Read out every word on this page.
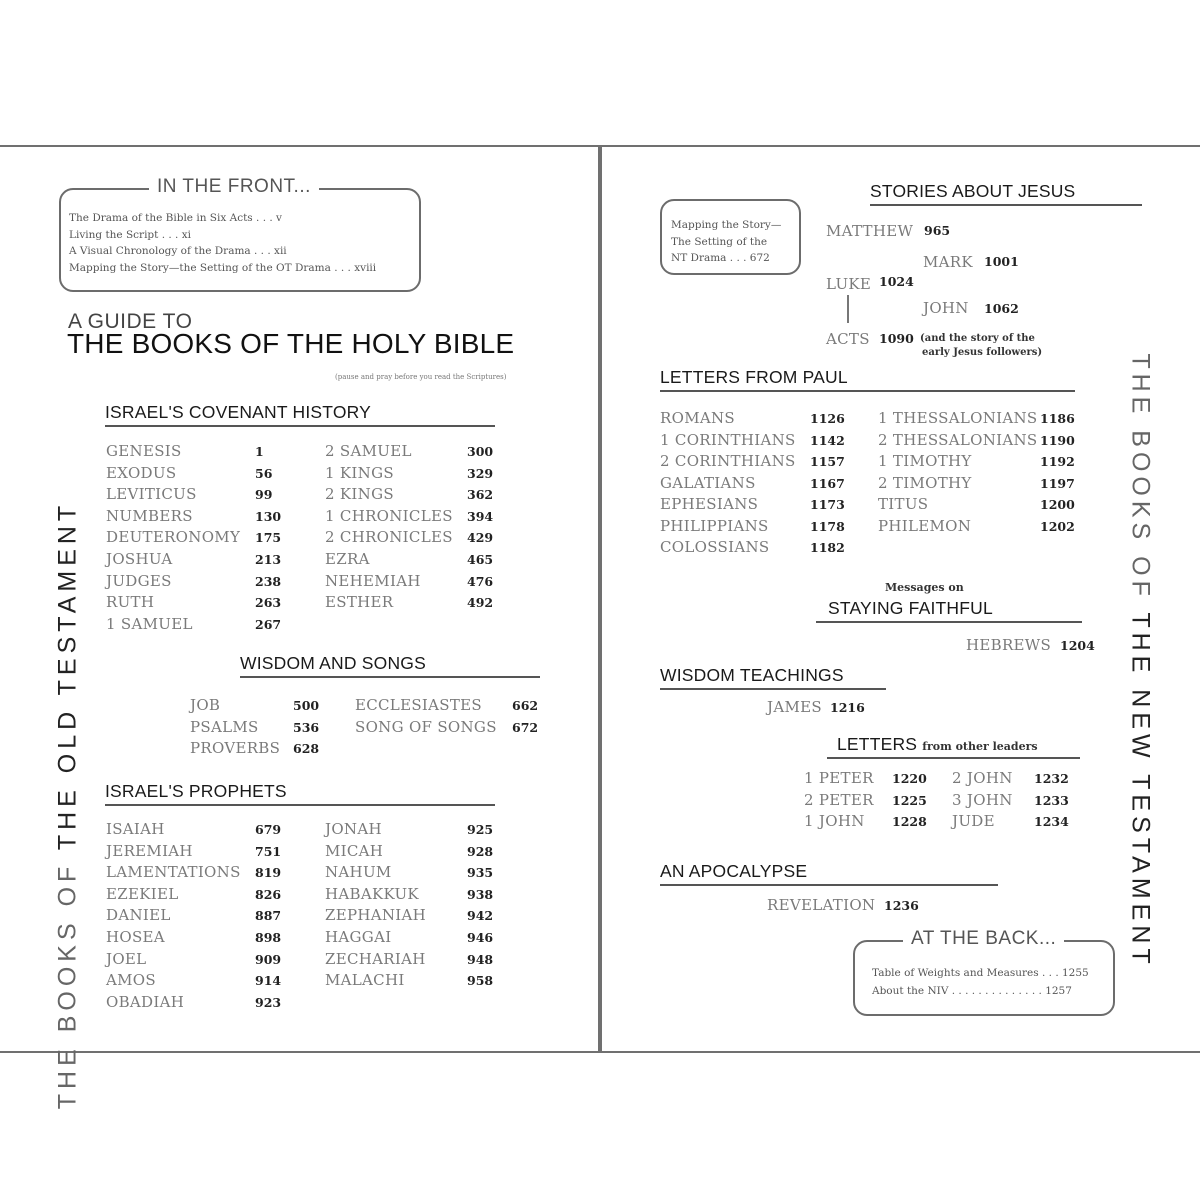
IN THE FRONT...
The Drama of the Bible in Six Acts . . . v
Living the Script . . . xi
A Visual Chronology of the Drama . . . xii
Mapping the Story—the Setting of the OT Drama . . . xviii
A GUIDE TO
THE BOOKS OF THE HOLY BIBLE
(pause and pray before you read the Scriptures)
THE BOOKS OF THE OLD TESTAMENT
ISRAEL'S COVENANT HISTORY
GENESIS	1
EXODUS	56
LEVITICUS	99
NUMBERS	130
DEUTERONOMY 175
JOSHUA	213
JUDGES	238
RUTH	263
1 SAMUEL	267
2 SAMUEL	300
1 KINGS	329
2 KINGS	362
1 CHRONICLES 394
2 CHRONICLES 429
EZRA	465
NEHEMIAH	476
ESTHER	492
WISDOM AND SONGS
JOB	500
PSALMS	536
PROVERBS 628
ECCLESIASTES 662
SONG OF SONGS 672
ISRAEL'S PROPHETS
ISAIAH	679
JEREMIAH	751
LAMENTATIONS 819
EZEKIEL	826
DANIEL	887
HOSEA	898
JOEL	909
AMOS	914
OBADIAH	923
JONAH	925
MICAH	928
NAHUM	935
HABAKKUK	938
ZEPHANIAH	942
HAGGAI	946
ZECHARIAH	948
MALACHI	958
Mapping the Story—
The Setting of the
NT Drama . . . 672
STORIES ABOUT JESUS
MATTHEW 965
MARK 1001
LUKE 1024
JOHN 1062
ACTS 1090 (and the story of the
early Jesus followers)
LETTERS FROM PAUL
ROMANS	1126
1 CORINTHIANS 1142
2 CORINTHIANS 1157
GALATIANS	1167
EPHESIANS	1173
PHILIPPIANS	1178
COLOSSIANS	1182
1 THESSALONIANS 1186
2 THESSALONIANS 1190
1 TIMOTHY	1192
2 TIMOTHY	1197
TITUS	1200
PHILEMON	1202
Messages on
STAYING FAITHFUL
HEBREWS 1204
WISDOM TEACHINGS
JAMES 1216
LETTERS from other leaders
1 PETER 1220
2 PETER 1225
1 JOHN 1228
2 JOHN 1232
3 JOHN 1233
JUDE	1234
AN APOCALYPSE
REVELATION 1236
AT THE BACK...
Table of Weights and Measures . . . 1255
About the NIV . . . . . . . . . . . . . . 1257
THE BOOKS OF THE NEW TESTAMENT
